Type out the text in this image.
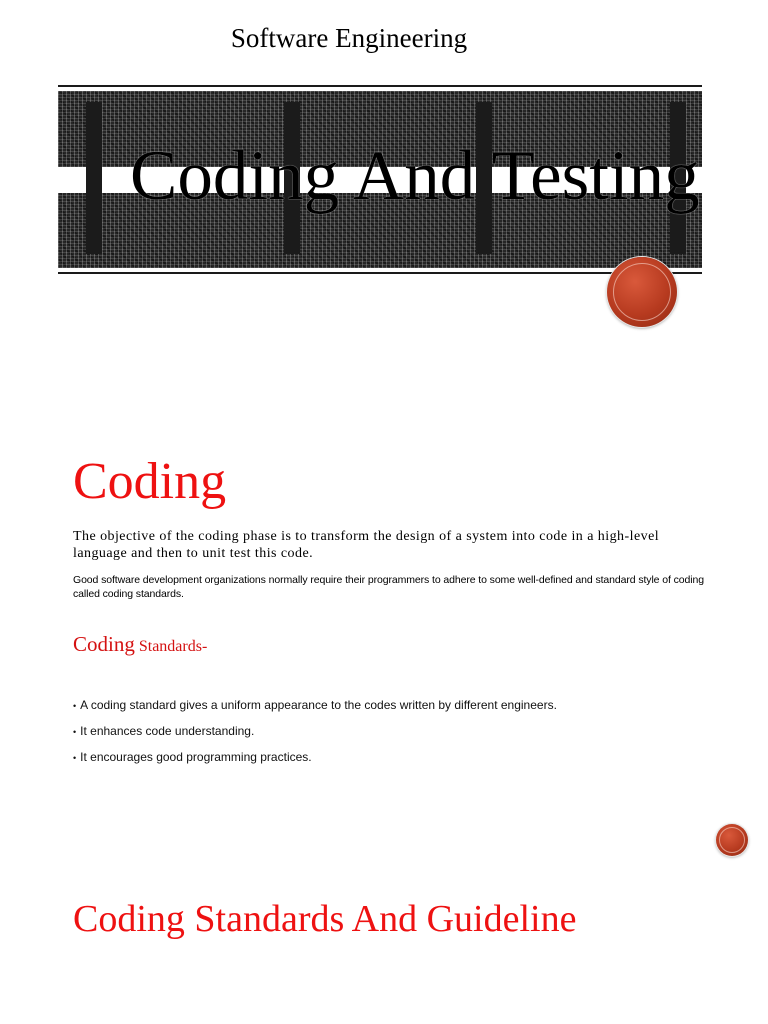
Software Engineering
Coding And Testing
Coding
The objective of the coding phase is to transform the design of a system into code in a high-level language and then to unit test this code.
Good software development organizations normally require their programmers to adhere to some well-defined and standard style of coding called coding standards.
Coding Standards-
• A coding standard gives a uniform appearance to the codes written by different engineers.
• It enhances code understanding.
• It encourages good programming practices.
Coding Standards And Guideline
